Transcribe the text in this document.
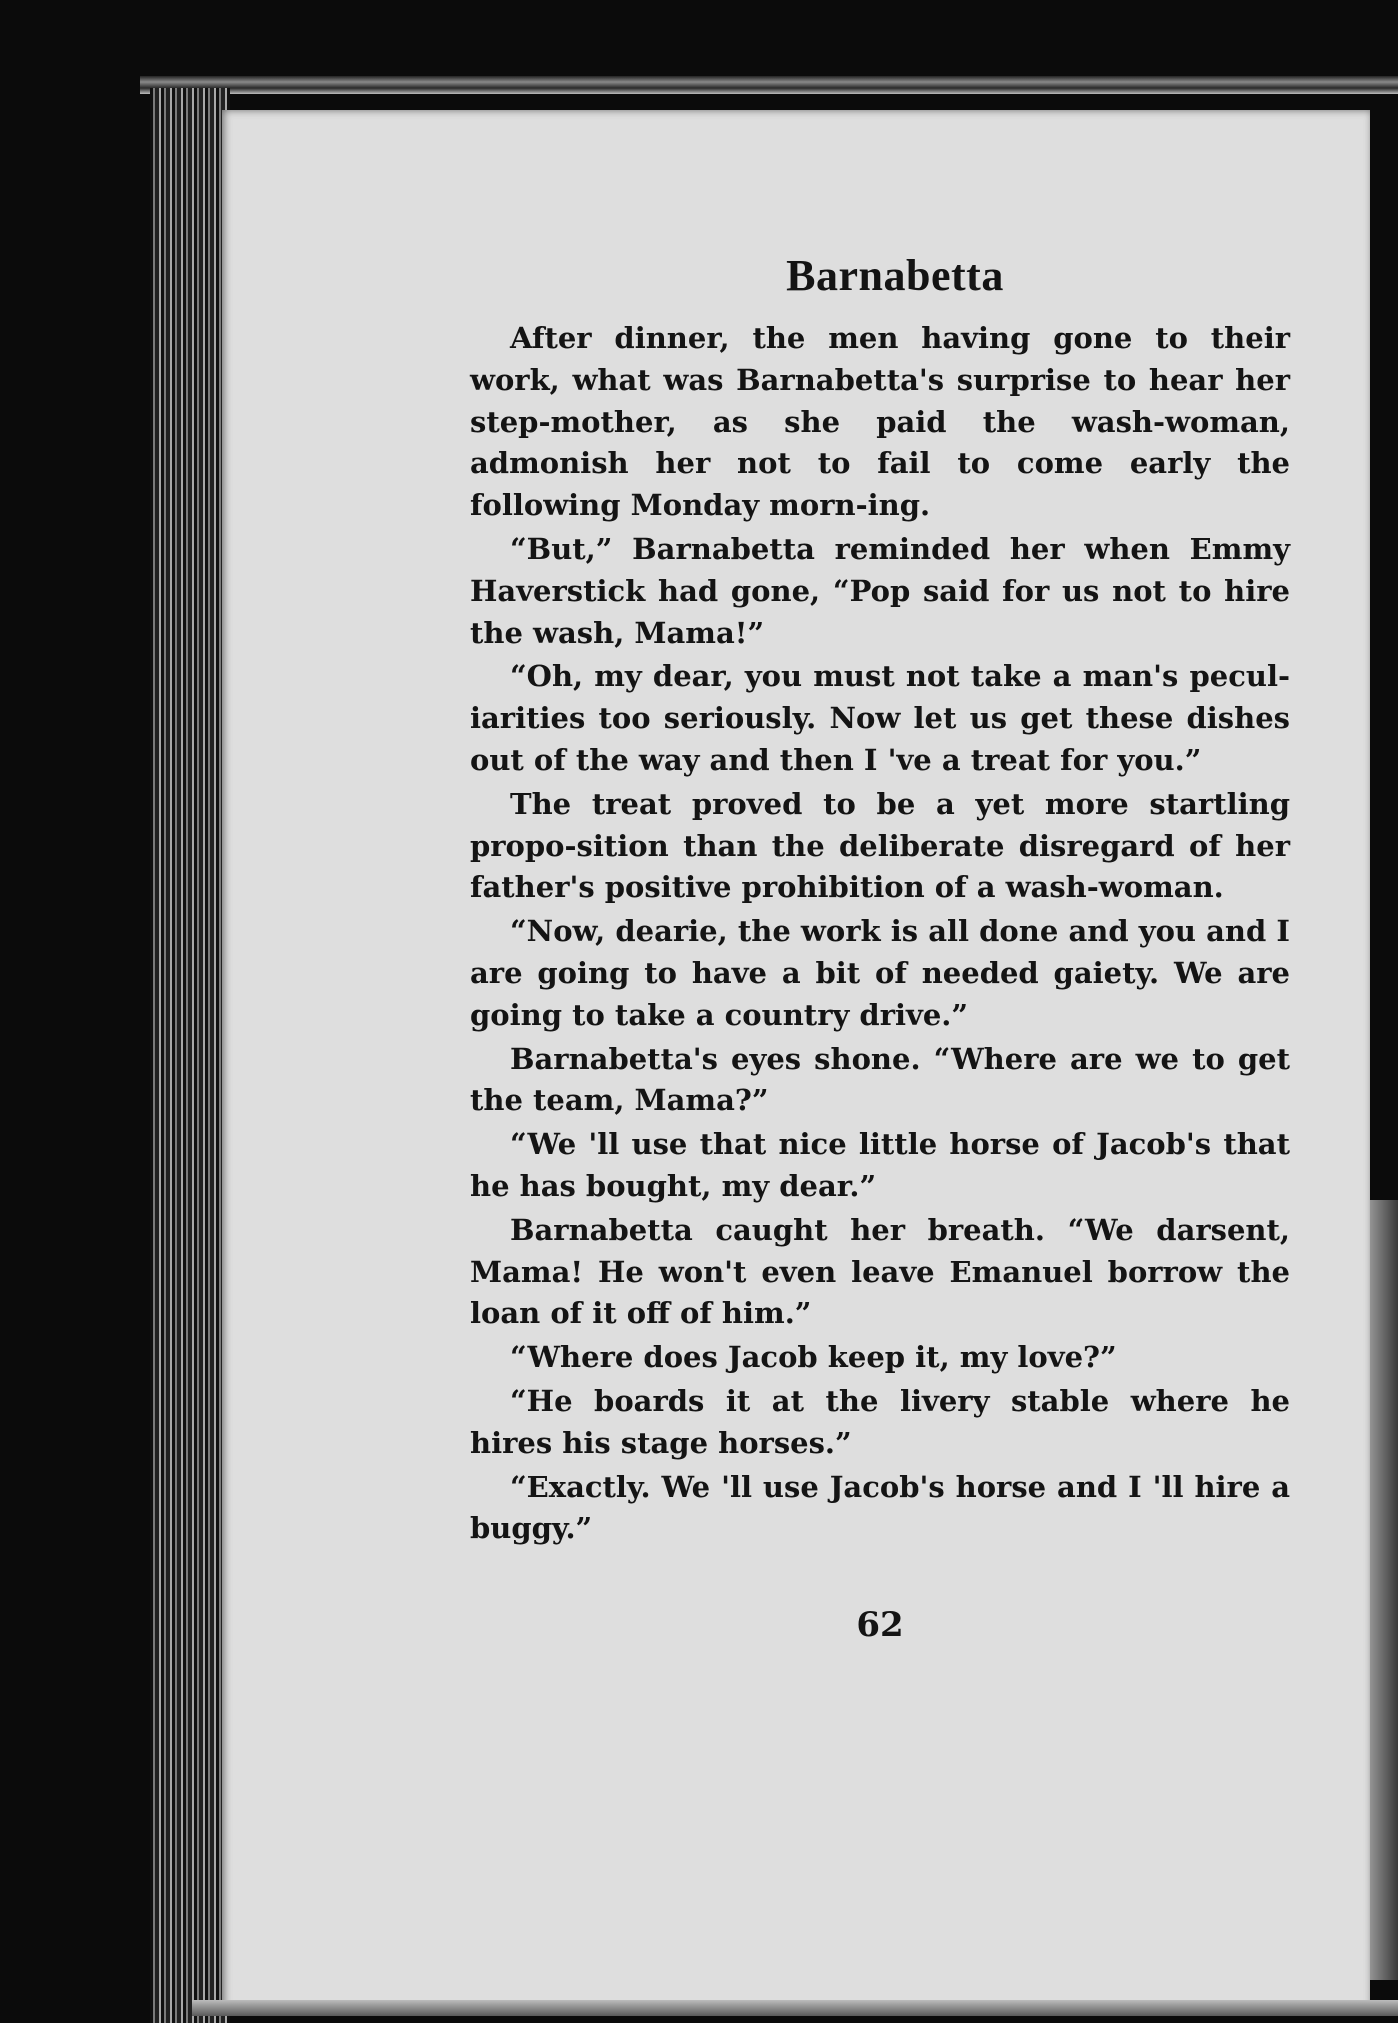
Barnabetta

After dinner, the men having gone to their work, what was Barnabetta's surprise to hear her step-mother, as she paid the wash-woman, admonish her not to fail to come early the following Monday morn-ing.

“But,” Barnabetta reminded her when Emmy Haverstick had gone, “Pop said for us not to hire the wash, Mama!”

“Oh, my dear, you must not take a man's pecul-iarities too seriously. Now let us get these dishes out of the way and then I 've a treat for you.”

The treat proved to be a yet more startling propo-sition than the deliberate disregard of her father's positive prohibition of a wash-woman.

“Now, dearie, the work is all done and you and I are going to have a bit of needed gaiety. We are going to take a country drive.”

Barnabetta's eyes shone. “Where are we to get the team, Mama?”

“We 'll use that nice little horse of Jacob's that he has bought, my dear.”

Barnabetta caught her breath. “We darsent, Mama! He won't even leave Emanuel borrow the loan of it off of him.”

“Where does Jacob keep it, my love?”

“He boards it at the livery stable where he hires his stage horses.”

“Exactly. We 'll use Jacob's horse and I 'll hire a buggy.”

62
